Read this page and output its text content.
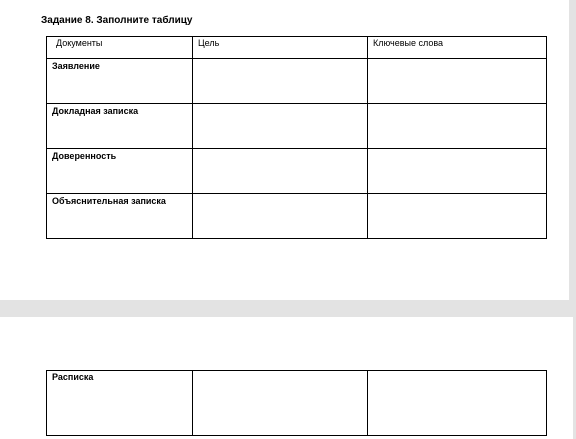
Задание 8. Заполните таблицу
Документы	Цель	Ключевые слова
Заявление		
Докладная записка		
Доверенность		
Объяснительная записка		
Расписка		
